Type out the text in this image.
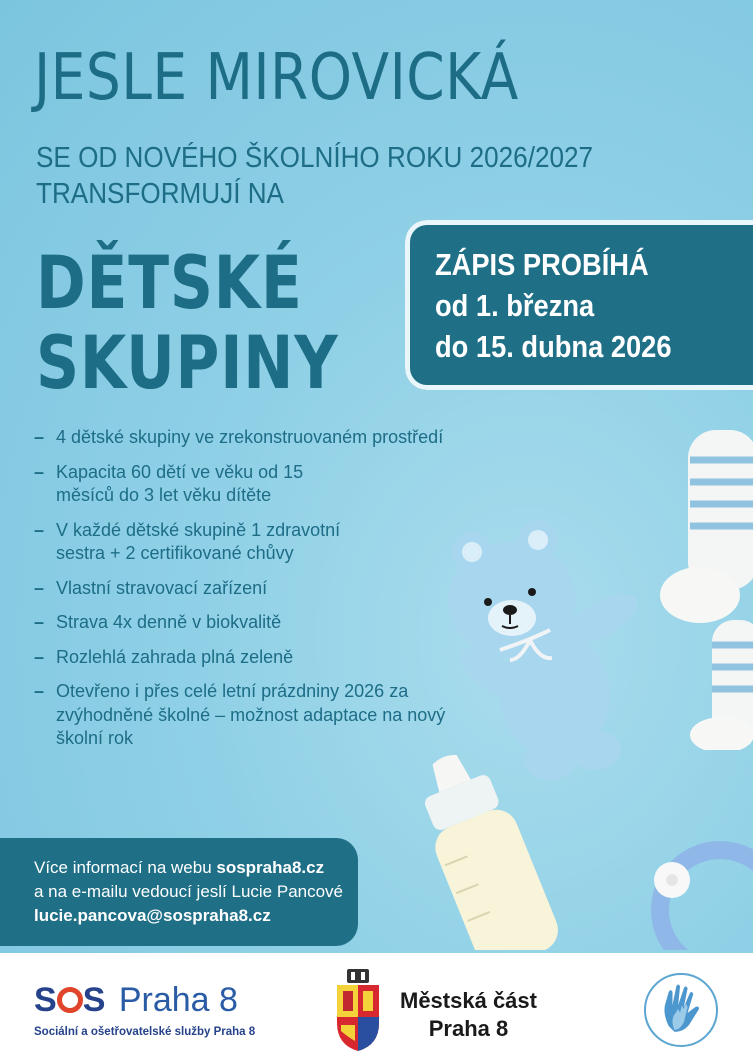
JESLE MIROVICKÁ
SE OD NOVÉHO ŠKOLNÍHO ROKU 2026/2027
TRANSFORMUJÍ NA
DĚTSKÉ
SKUPINY
ZÁPIS PROBÍHÁ
od 1. března
do 15. dubna 2026
– 4 dětské skupiny ve zrekonstruovaném prostředí
– Kapacita 60 dětí ve věku od 15 měsíců do 3 let věku dítěte
– V každé dětské skupině 1 zdravotní sestra + 2 certifikované chůvy
– Vlastní stravovací zařízení
– Strava 4x denně v biokvalitě
– Rozlehlá zahrada plná zeleně
– Otevřeno i přes celé letní prázdniny 2026 za zvýhodněné školné – možnost adaptace na nový školní rok
Více informací na webu sospraha8.cz
a na e-mailu vedoucí jeslí Lucie Pancové
lucie.pancova@sospraha8.cz
S S Praha 8
Sociální a ošetřovatelské služby Praha 8
Městská část
Praha 8
